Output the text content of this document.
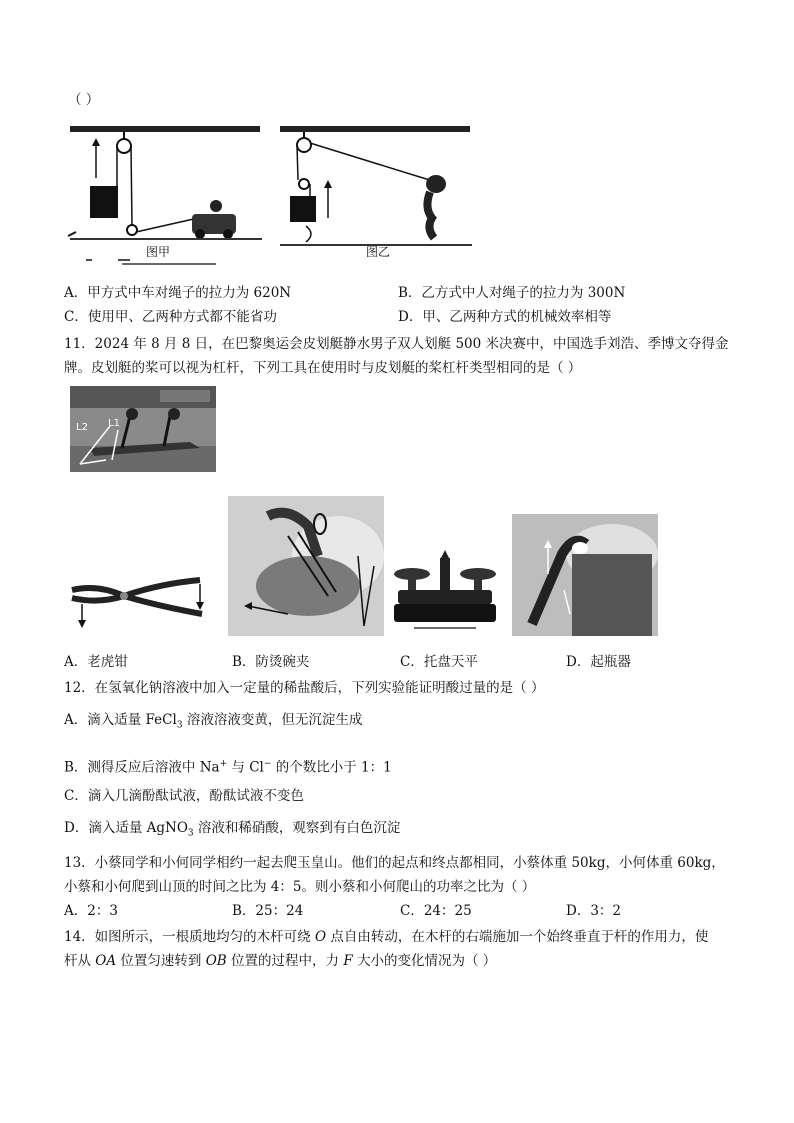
（ ）
图甲	图乙
A．甲方式中车对绳子的拉力为 620N	B．乙方式中人对绳子的拉力为 300N
C．使用甲、乙两种方式都不能省功	D．甲、乙两种方式的机械效率相等
11．2024 年 8 月 8 日，在巴黎奥运会皮划艇静水男子双人划艇 500 米决赛中，中国选手刘浩、季博文夺得金
牌。皮划艇的桨可以视为杠杆，下列工具在使用时与皮划艇的桨杠杆类型相同的是（ ）
L2 L1
A．老虎钳	B．防烫碗夹	C．托盘天平	D．起瓶器
12．在氢氧化钠溶液中加入一定量的稀盐酸后，下列实验能证明酸过量的是（ ）
A．滴入适量 FeCl$_3$ 溶液溶液变黄，但无沉淀生成
B．测得反应后溶液中 Na+ 与 Cl− 的个数比小于 1：1
C．滴入几滴酚酞试液，酚酞试液不变色
D．滴入适量 AgNO$_3$ 溶液和稀硝酸，观察到有白色沉淀
13．小蔡同学和小何同学相约一起去爬玉皇山。他们的起点和终点都相同，小蔡体重 50kg，小何体重 60kg，
小蔡和小何爬到山顶的时间之比为 4：5。则小蔡和小何爬山的功率之比为（ ）
A．2：3	B．25：24	C．24：25	D．3：2
14．如图所示，一根质地均匀的木杆可绕 O 点自由转动，在木杆的右端施加一个始终垂直于杆的作用力，使
杆从 OA 位置匀速转到 OB 位置的过程中，力 F 大小的变化情况为（ ）
